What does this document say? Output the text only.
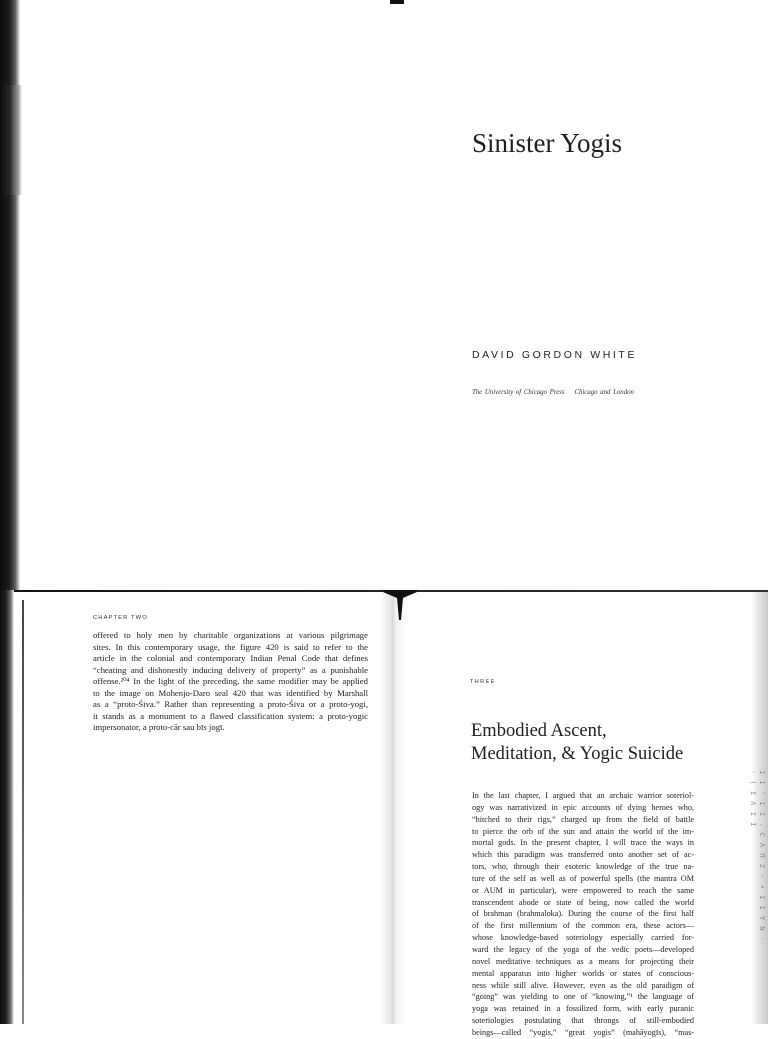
Sinister Yogis
DAVID GORDON WHITE
The University of Chicago Press Chicago and London
1 1 ' 1 1 . C Λ Π Ζ · ∙ Ι Ι Υ Ν · · ( Ι Λ Ι Ι
CHAPTER TWO
offered to holy men by charitable organizations at various pilgrimage
sites. In this contemporary usage, the figure 420 is said to refer to the
article in the colonial and contemporary Indian Penal Code that defines
“cheating and dishonestly inducing delivery of property” as a punishable
offense.²⁰⁴ In the light of the preceding, the same modifier may be applied
to the image on Mohenjo-Daro seal 420 that was identified by Marshall
as a “proto-Śiva.” Rather than representing a proto-Śiva or a proto-yogi,
it stands as a monument to a flawed classification system: a proto-yogic
impersonator, a proto-cār sau bīs jogī.
THREE
Embodied Ascent,
Meditation, & Yogic Suicide
In the last chapter, I argued that an archaic warrior soteriol-
ogy was narrativized in epic accounts of dying heroes who,
“hitched to their rigs,” charged up from the field of battle
to pierce the orb of the sun and attain the world of the im-
mortal gods. In the present chapter, I will trace the ways in
which this paradigm was transferred onto another set of ac-
tors, who, through their esoteric knowledge of the true na-
ture of the self as well as of powerful spells (the mantra OM
or AUM in particular), were empowered to reach the same
transcendent abode or state of being, now called the world
of brahman (brahmaloka). During the course of the first half
of the first millennium of the common era, these actors—
whose knowledge-based soteriology especially carried for-
ward the legacy of the yoga of the vedic poets—developed
novel meditative techniques as a means for projecting their
mental apparatus into higher worlds or states of conscious-
ness while still alive. However, even as the old paradigm of
“going” was yielding to one of “knowing,”¹ the language of
yoga was retained in a fossilized form, with early puranic
soteriologies postulating that throngs of still-embodied
beings—called “yogis,” “great yogis” (mahāyogīs), “mas-
